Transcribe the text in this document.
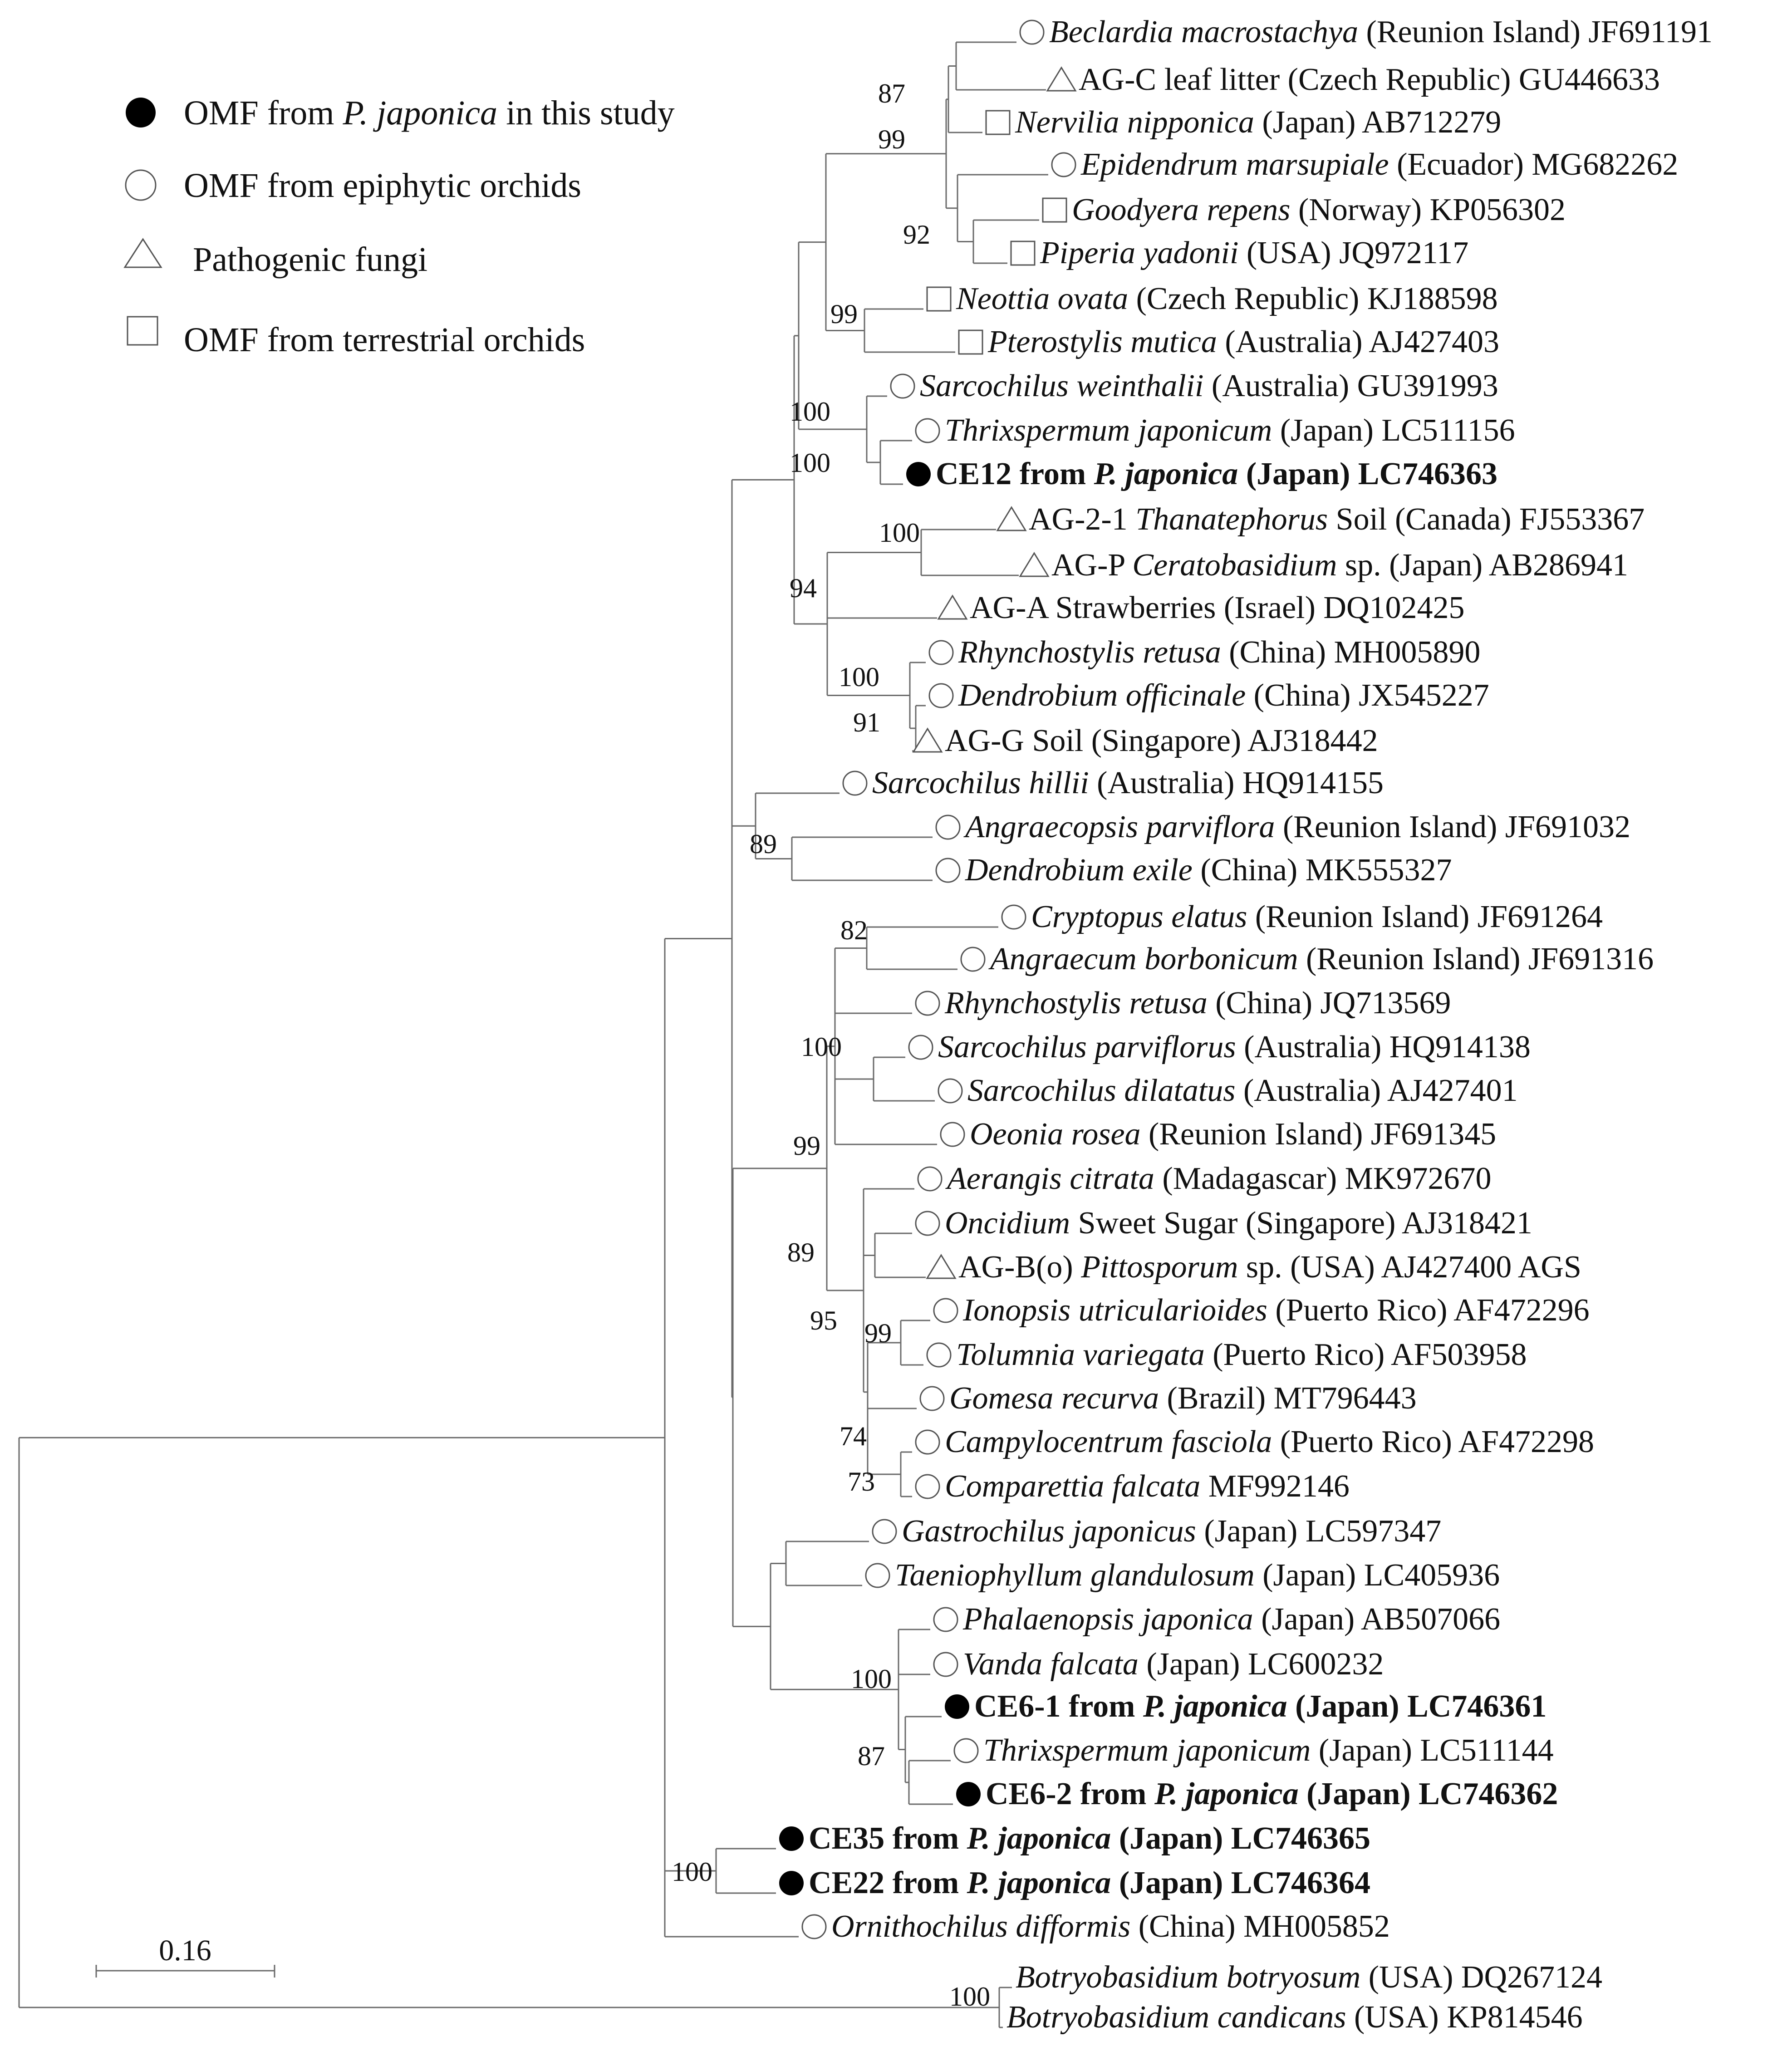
Beclardia macrostachya (Reunion Island) JF691191
AG-C leaf litter (Czech Republic) GU446633
Nervilia nipponica (Japan) AB712279
Epidendrum marsupiale (Ecuador) MG682262
Goodyera repens (Norway) KP056302
Piperia yadonii (USA) JQ972117
Neottia ovata (Czech Republic) KJ188598
Pterostylis mutica (Australia) AJ427403
Sarcochilus weinthalii (Australia) GU391993
Thrixspermum japonicum (Japan) LC511156
CE12 from P. japonica (Japan) LC746363
AG-2-1 Thanatephorus Soil (Canada) FJ553367
AG-P Ceratobasidium sp. (Japan) AB286941
AG-A Strawberries (Israel) DQ102425
Rhynchostylis retusa (China) MH005890
Dendrobium officinale (China) JX545227
AG-G Soil (Singapore) AJ318442
Sarcochilus hillii (Australia) HQ914155
Angraecopsis parviflora (Reunion Island) JF691032
Dendrobium exile (China) MK555327
Cryptopus elatus (Reunion Island) JF691264
Angraecum borbonicum (Reunion Island) JF691316
Rhynchostylis retusa (China) JQ713569
Sarcochilus parviflorus (Australia) HQ914138
Sarcochilus dilatatus (Australia) AJ427401
Oeonia rosea (Reunion Island) JF691345
Aerangis citrata (Madagascar) MK972670
Oncidium Sweet Sugar (Singapore) AJ318421
AG-B(o) Pittosporum sp. (USA) AJ427400 AGS
Ionopsis utricularioides (Puerto Rico) AF472296
Tolumnia variegata (Puerto Rico) AF503958
Gomesa recurva (Brazil) MT796443
Campylocentrum fasciola (Puerto Rico) AF472298
Comparettia falcata MF992146
Gastrochilus japonicus (Japan) LC597347
Taeniophyllum glandulosum (Japan) LC405936
Phalaenopsis japonica (Japan) AB507066
Vanda falcata (Japan) LC600232
CE6-1 from P. japonica (Japan) LC746361
Thrixspermum japonicum (Japan) LC511144
CE6-2 from P. japonica (Japan) LC746362
CE35 from P. japonica (Japan) LC746365
CE22 from P. japonica (Japan) LC746364
Ornithochilus difformis (China) MH005852
Botryobasidium botryosum (USA) DQ267124
Botryobasidium candicans (USA) KP814546
87
99
92
99
100
100
100
94
100
91
89
82
100
99
89
95 99
74
73
100
87
100
100
OMF from P. japonica in this study
OMF from epiphytic orchids
Pathogenic fungi
OMF from terrestrial orchids
0.16
